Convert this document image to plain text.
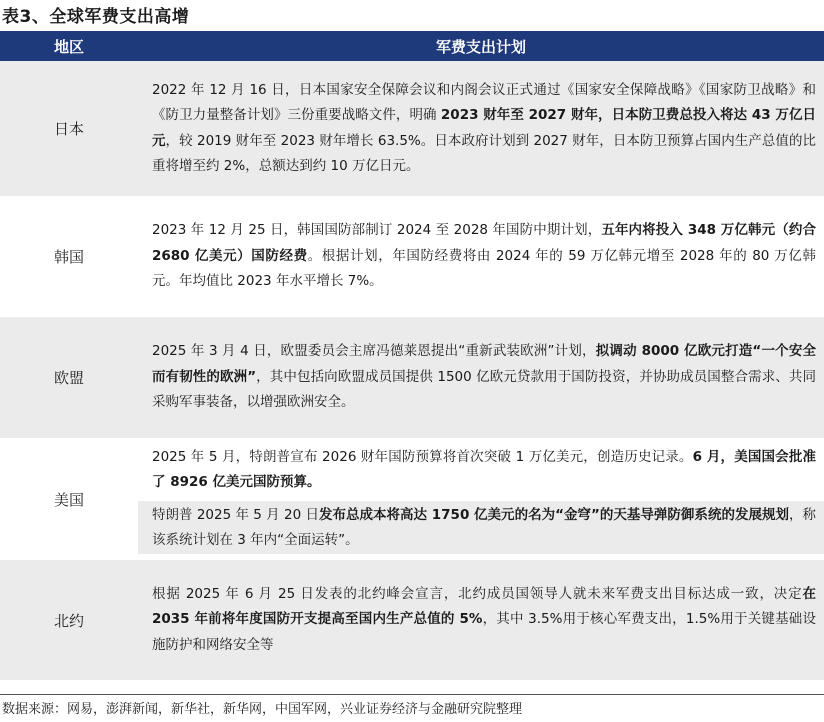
表3、全球军费支出高增
地区	军费支出计划
日本	2022 年 12 月 16 日，日本国家安全保障会议和内阁会议正式通过《国家安全保障战略》《国家防卫战略》和《防卫力量整备计划》三份重要战略文件，明确 2023 财年至 2027 财年，日本防卫费总投入将达 43 万亿日元，较 2019 财年至 2023 财年增长 63.5%。日本政府计划到 2027 财年，日本防卫预算占国内生产总值的比重将增至约 2%，总额达到约 10 万亿日元。
韩国	2023 年 12 月 25 日，韩国国防部制订 2024 至 2028 年国防中期计划，五年内将投入 348 万亿韩元（约合 2680 亿美元）国防经费。根据计划，年国防经费将由 2024 年的 59 万亿韩元增至 2028 年的 80 万亿韩元。年均值比 2023 年水平增长 7%。
欧盟	2025 年 3 月 4 日，欧盟委员会主席冯德莱恩提出“重新武装欧洲”计划，拟调动 8000 亿欧元打造“一个安全而有韧性的欧洲”，其中包括向欧盟成员国提供 1500 亿欧元贷款用于国防投资，并协助成员国整合需求、共同采购军事装备，以增强欧洲安全。
美国	2025 年 5 月，特朗普宣布 2026 财年国防预算将首次突破 1 万亿美元，创造历史记录。6 月，美国国会批准了 8926 亿美元国防预算。
特朗普 2025 年 5 月 20 日发布总成本将高达 1750 亿美元的名为“金穹”的天基导弹防御系统的发展规划，称该系统计划在 3 年内“全面运转”。

北约	根据 2025 年 6 月 25 日发表的北约峰会宣言，北约成员国领导人就未来军费支出目标达成一致，决定在 2035 年前将年度国防开支提高至国内生产总值的 5%，其中 3.5%用于核心军费支出，1.5%用于关键基础设施防护和网络安全等
数据来源：网易，澎湃新闻，新华社，新华网，中国军网，兴业证券经济与金融研究院整理
